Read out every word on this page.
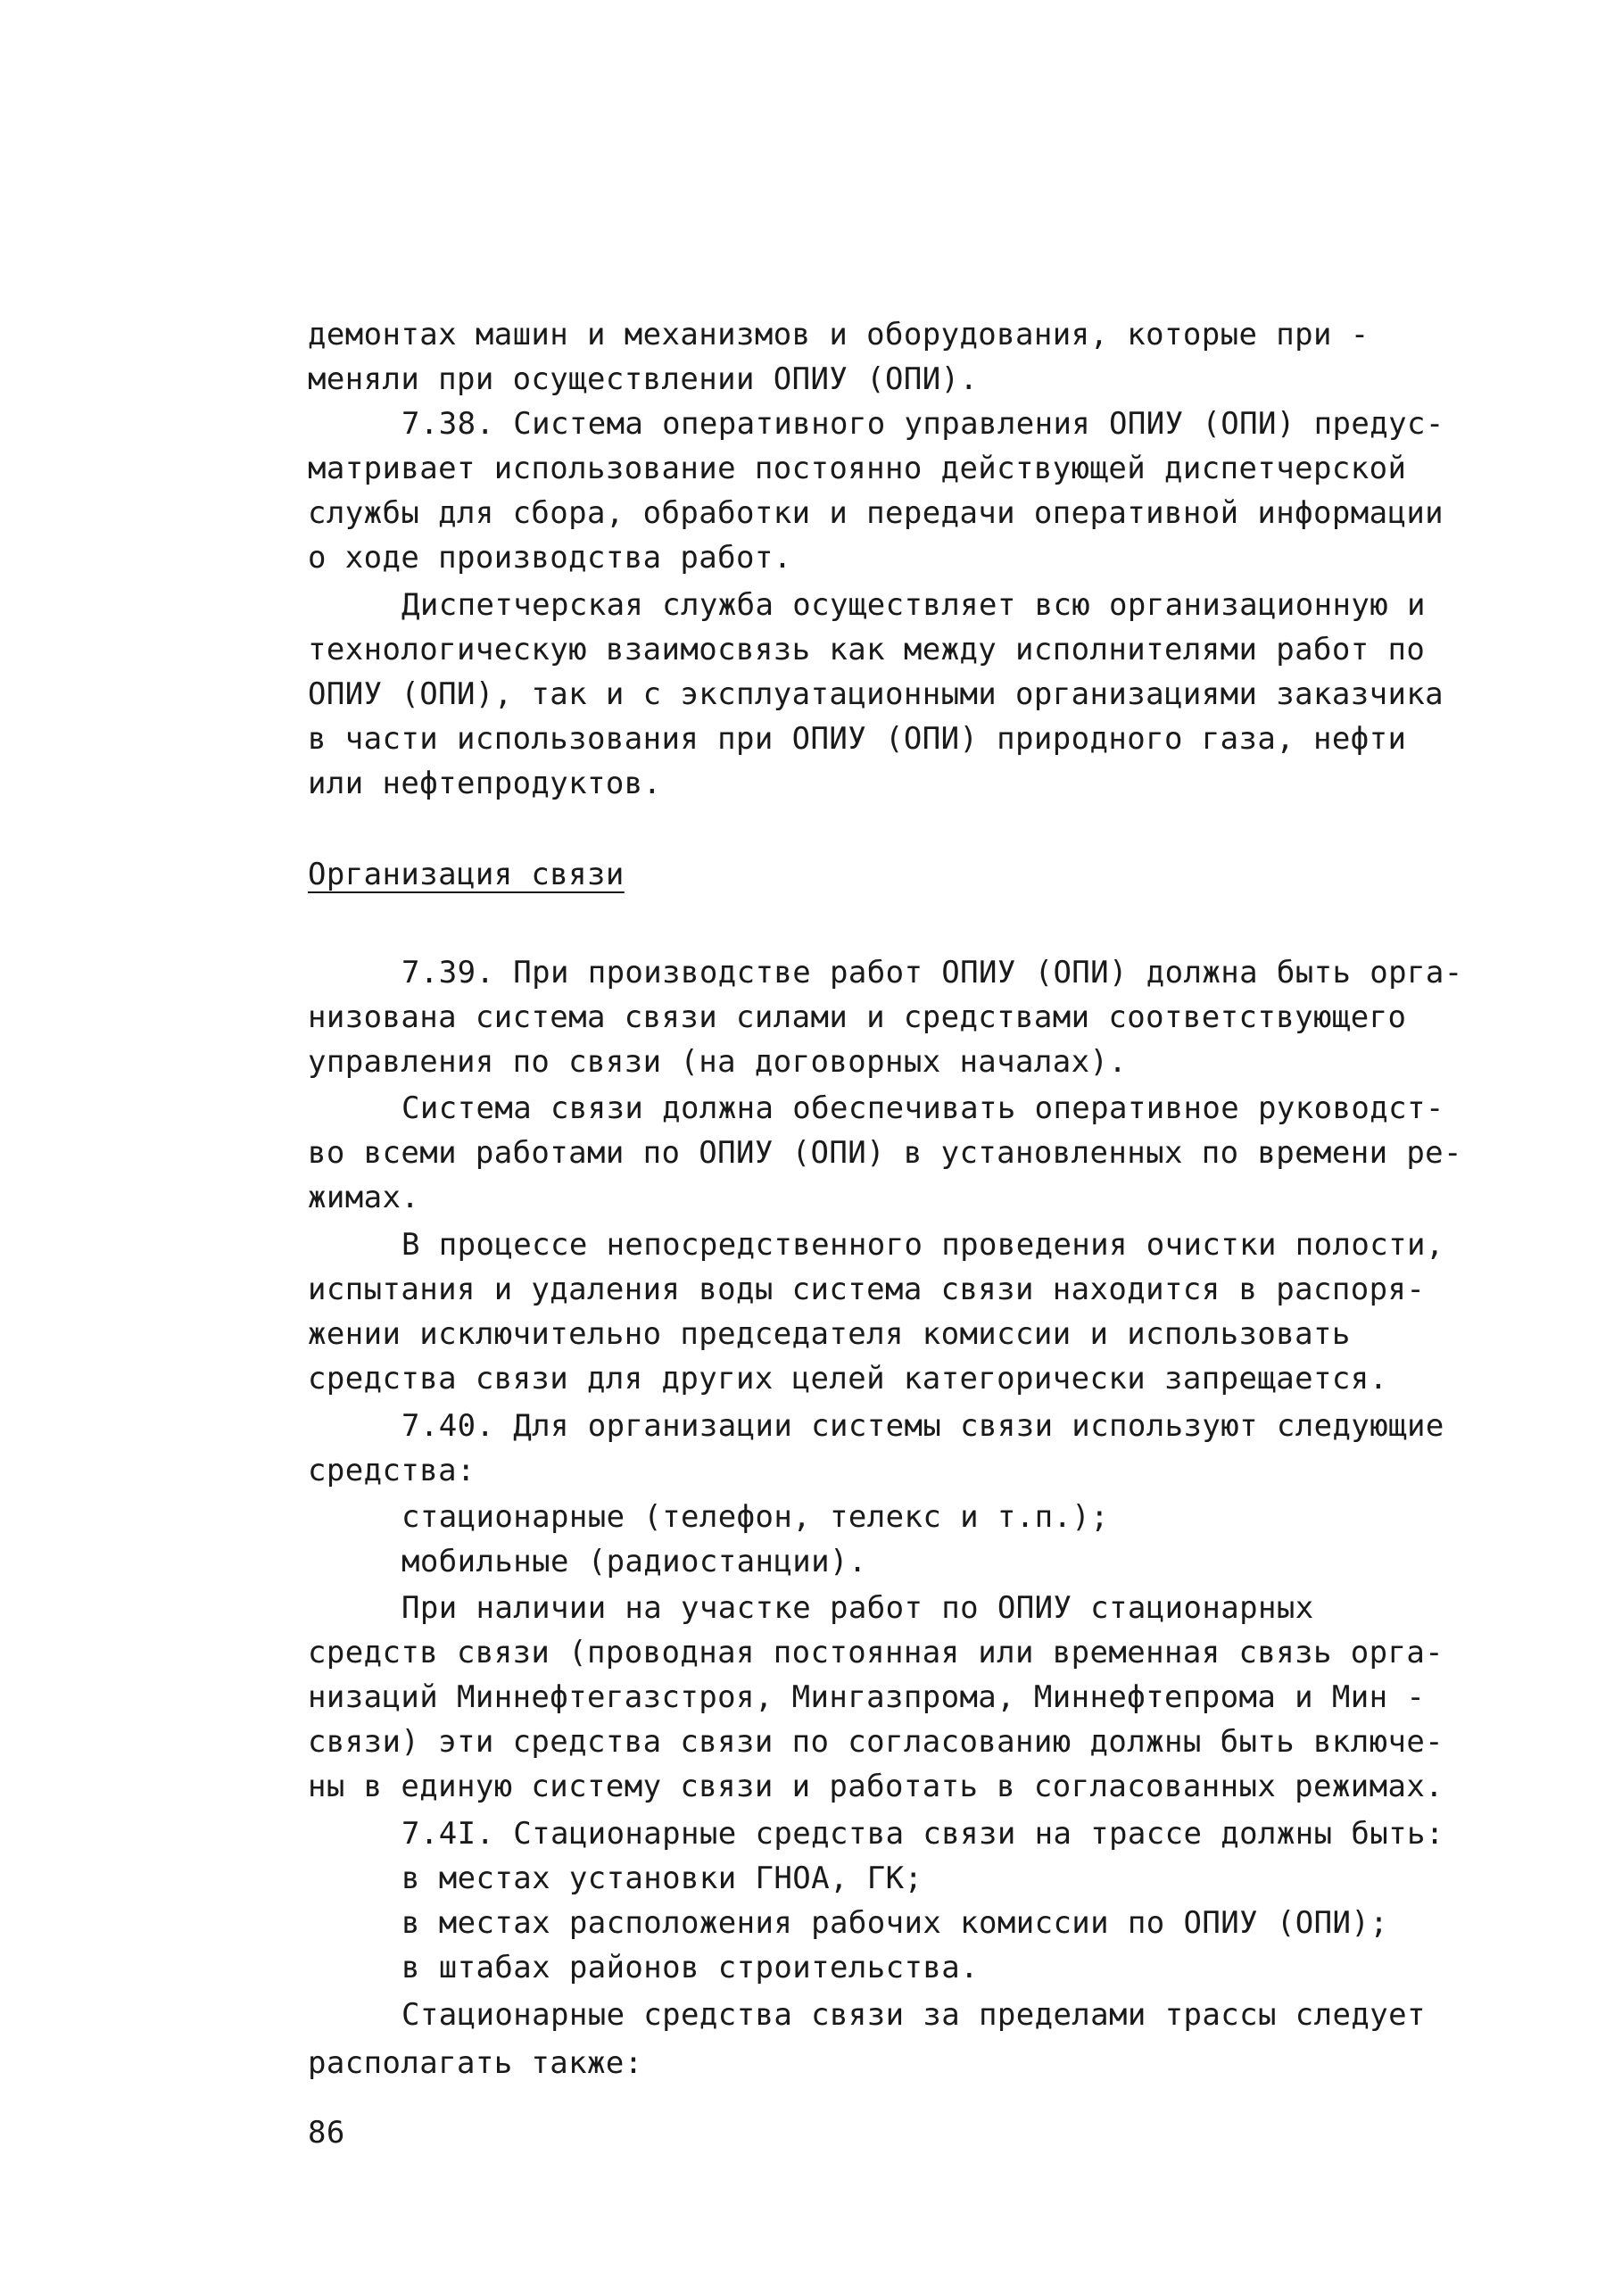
демонтах машин и механизмов и оборудования, которые при -
меняли при осуществлении ОПИУ (ОПИ).
7.38. Система оперативного управления ОПИУ (ОПИ) предус-
матривает использование постоянно действующей диспетчерской
службы для сбора, обработки и передачи оперативной информации
о ходе производства работ.
Диспетчерская служба осуществляет всю организационную и
технологическую взаимосвязь как между исполнителями работ по
ОПИУ (ОПИ), так и с эксплуатационными организациями заказчика
в части использования при ОПИУ (ОПИ) природного газа, нефти
или нефтепродуктов.
Организация связи
7.39. При производстве работ ОПИУ (ОПИ) должна быть орга-
низована система связи силами и средствами соответствующего
управления по связи (на договорных началах).
Система связи должна обеспечивать оперативное руководст-
во всеми работами по ОПИУ (ОПИ) в установленных по времени ре-
жимах.
В процессе непосредственного проведения очистки полости,
испытания и удаления воды система связи находится в распоря-
жении исключительно председателя комиссии и использовать
средства связи для других целей категорически запрещается.
7.40. Для организации системы связи используют следующие
средства:
стационарные (телефон, телекс и т.п.);
мобильные (радиостанции).
При наличии на участке работ по ОПИУ стационарных
средств связи (проводная постоянная или временная связь орга-
низаций Миннефтегазстроя, Мингазпрома, Миннефтепрома и Мин -
связи) эти средства связи по согласованию должны быть включе-
ны в единую систему связи и работать в согласованных режимах.
7.4I. Стационарные средства связи на трассе должны быть:
в местах установки ГНОА, ГК;
в местах расположения рабочих комиссии по ОПИУ (ОПИ);
в штабах районов строительства.
Стационарные средства связи за пределами трассы следует
располагать также:
86
